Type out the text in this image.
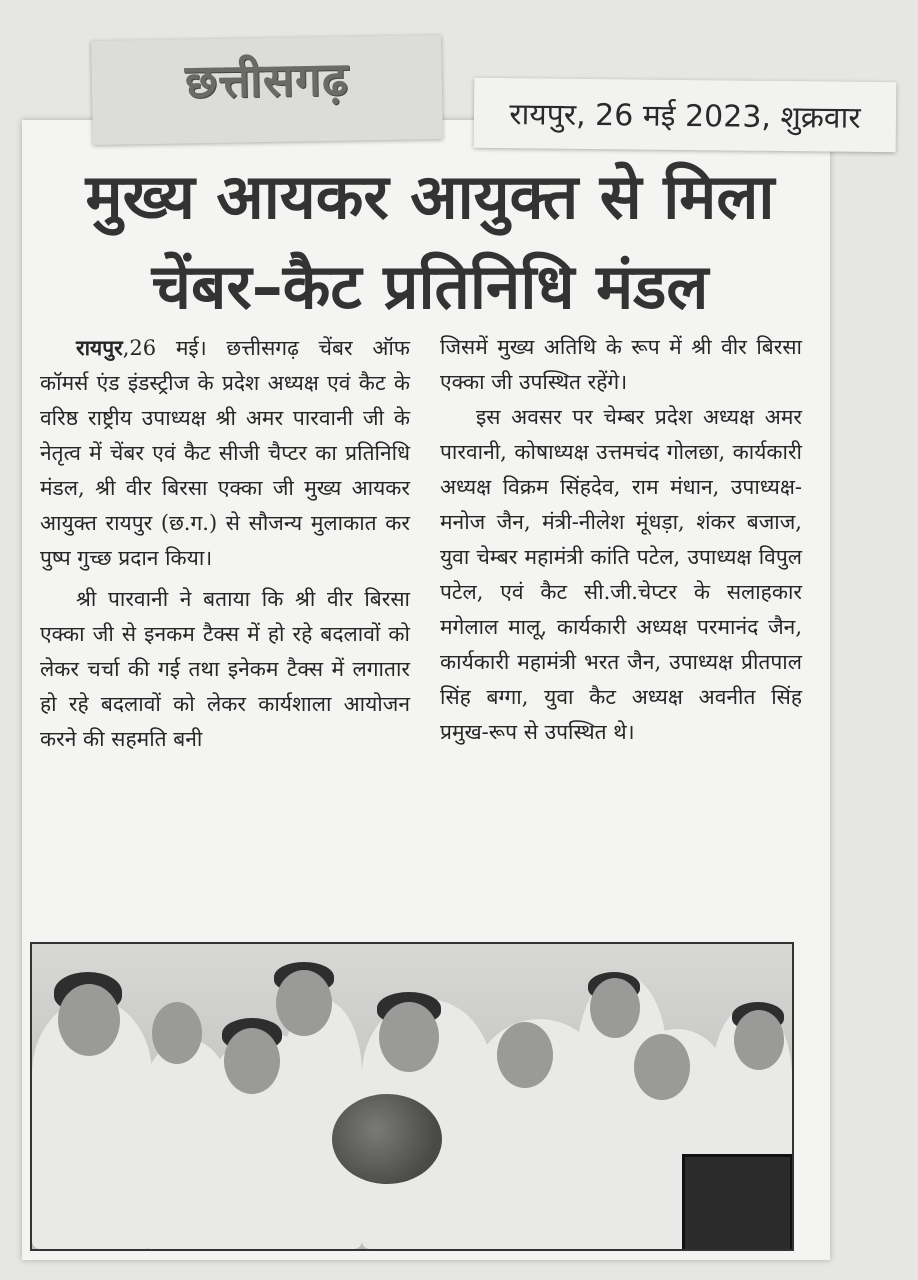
छत्तीसगढ़
रायपुर, 26 मई 2023, शुक्रवार
मुख्य आयकर आयुक्त से मिला
चेंबर–कैट प्रतिनिधि मंडल

रायपुर,26 मई। छत्तीसगढ़ चेंबर ऑफ कॉमर्स एंड इंडस्ट्रीज के प्रदेश अध्यक्ष एवं कैट के वरिष्ठ राष्ट्रीय उपाध्यक्ष श्री अमर पारवानी जी के नेतृत्व में चेंबर एवं कैट सीजी चैप्टर का प्रतिनिधि मंडल, श्री वीर बिरसा एक्का जी मुख्य आयकर आयुक्त रायपुर (छ.ग.) से सौजन्य मुलाकात कर पुष्प गुच्छ प्रदान किया।

श्री पारवानी ने बताया कि श्री वीर बिरसा एक्का जी से इनकम टैक्स में हो रहे बदलावों को लेकर चर्चा की गई तथा इनेकम टैक्स में लगातार हो रहे बदलावों को लेकर कार्यशाला आयोजन करने की सहमति बनी

जिसमें मुख्य अतिथि के रूप में श्री वीर बिरसा एक्का जी उपस्थित रहेंगे।

इस अवसर पर चेम्बर प्रदेश अध्यक्ष अमर पारवानी, कोषाध्यक्ष उत्तमचंद गोलछा, कार्यकारी अध्यक्ष विक्रम सिंहदेव, राम मंधान, उपाध्यक्ष-मनोज जैन, मंत्री-नीलेश मूंधड़ा, शंकर बजाज, युवा चेम्बर महामंत्री कांति पटेल, उपाध्यक्ष विपुल पटेल, एवं कैट सी.जी.चेप्टर के सलाहकार मगेलाल मालू, कार्यकारी अध्यक्ष परमानंद जैन, कार्यकारी महामंत्री भरत जैन, उपाध्यक्ष प्रीतपाल सिंह बग्गा, युवा कैट अध्यक्ष अवनीत सिंह प्रमुख-रूप से उपस्थित थे।
